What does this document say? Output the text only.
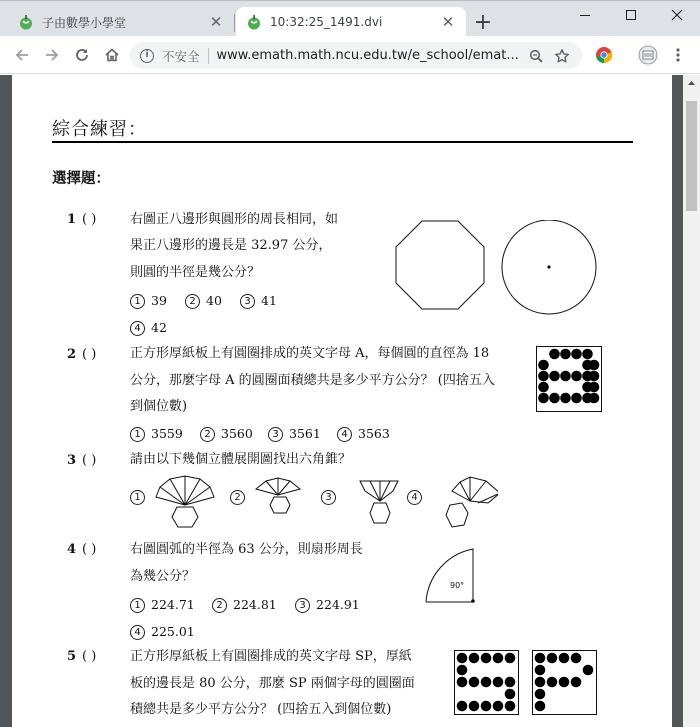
子由數學小學堂	✕	10:32:25_1491.dvi	✕ +
i	不安全 www.emath.math.ncu.edu.tw/e_school/emat...
綜合練習：
選擇題：
1 ( )	右圖正八邊形與圓形的周長相同，如
果正八邊形的邊長是 32.97 公分，
則圓的半徑是幾公分？
1 39	2 40	3 41
4 42
2 ( )	正方形厚紙板上有圓圈排成的英文字母 A，每個圓的直徑為 18
公分，那麼字母 A 的圓圈面積總共是多少平方公分？ (四捨五入
到個位數)
1 3559	2 3560	3 3561	4 3563
3 ( )	請由以下幾個立體展開圖找出六角錐？
1	2	3	4
4 ( )	右圖圓弧的半徑為 63 公分，則扇形周長
為幾公分？
1 224.71	2 224.81	3 224.91
4 225.01
90°
5 ( )	正方形厚紙板上有圓圈排成的英文字母 SP，厚紙
板的邊長是 80 公分，那麼 SP 兩個字母的圓圈面
積總共是多少平方公分？ (四捨五入到個位數)
